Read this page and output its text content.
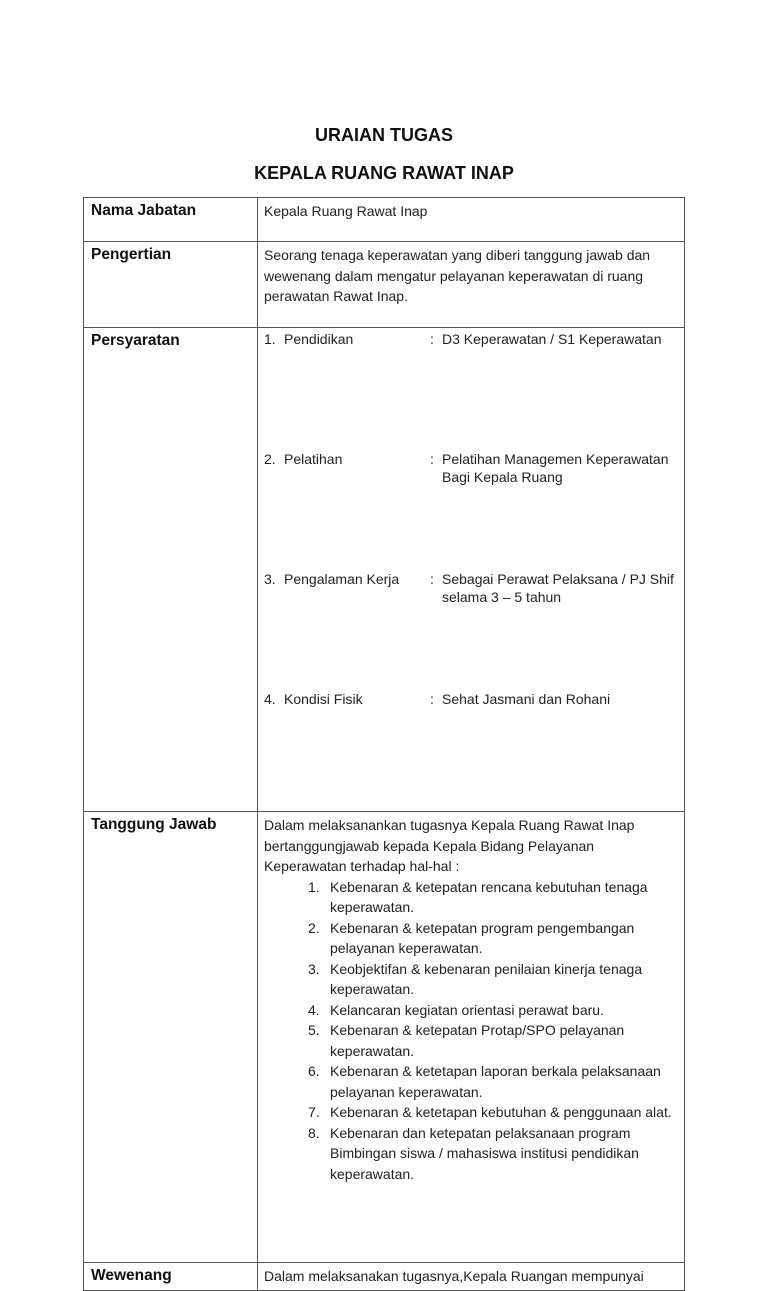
URAIAN TUGAS
KEPALA RUANG RAWAT INAP
Nama Jabatan	Kepala Ruang Rawat Inap
Pengertian	Seorang tenaga keperawatan yang diberi tanggung jawab dan wewenang dalam mengatur pelayanan keperawatan di ruang perawatan Rawat Inap.
Persyaratan		1.	Pendidikan	:	D3 Keperawatan / S1 Keperawatan
2.	Pelatihan	:	Pelatihan Managemen Keperawatan Bagi Kepala Ruang
3.	Pengalaman Kerja	:	Sebagai Perawat Pelaksana / PJ Shif selama 3 – 5 tahun
4.	Kondisi Fisik	:	Sehat Jasmani dan Rohani

Tanggung Jawab	Dalam melaksanankan tugasnya Kepala Ruang Rawat Inap bertanggungjawab kepada Kepala Bidang Pelayanan Keperawatan terhadap hal-hal :
1. Kebenaran & ketepatan rencana kebutuhan tenaga keperawatan.
2. Kebenaran & ketepatan program pengembangan pelayanan keperawatan.
3. Keobjektifan & kebenaran penilaian kinerja tenaga keperawatan.
4. Kelancaran kegiatan orientasi perawat baru.
5. Kebenaran & ketepatan Protap/SPO pelayanan keperawatan.
6. Kebenaran & ketetapan laporan berkala pelaksanaan pelayanan keperawatan.
7. Kebenaran & ketetapan kebutuhan & penggunaan alat.
8. Kebenaran dan ketepatan pelaksanaan program Bimbingan siswa / mahasiswa institusi pendidikan keperawatan.

Wewenang	Dalam melaksanakan tugasnya,Kepala Ruangan mempunyai
